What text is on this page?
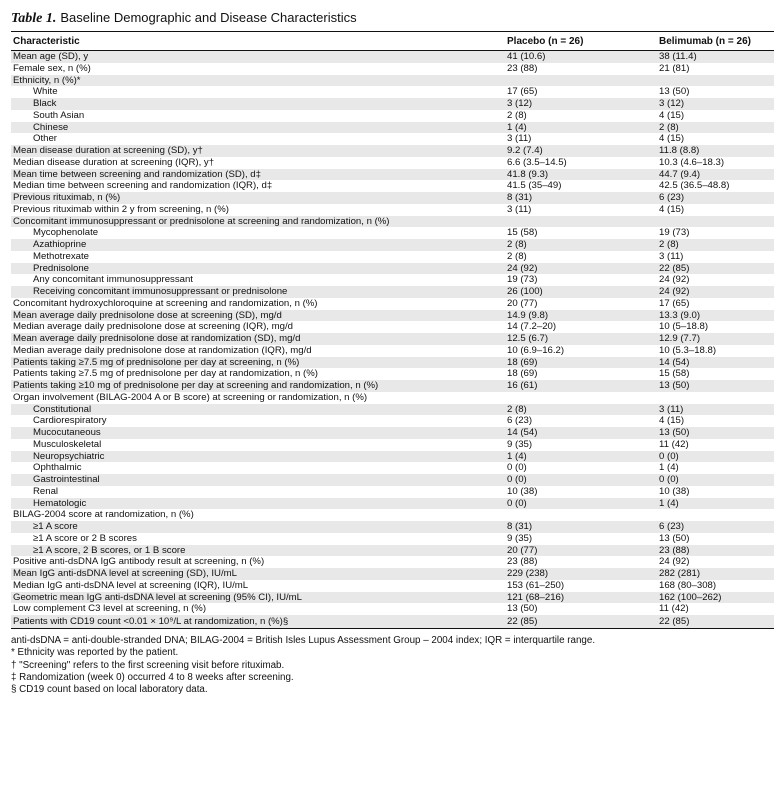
Table 1. Baseline Demographic and Disease Characteristics
Characteristic	Placebo (n = 26)	Belimumab (n = 26)
Mean age (SD), y	41 (10.6)	38 (11.4)
Female sex, n (%)	23 (88)	21 (81)
Ethnicity, n (%)*		
White	17 (65)	13 (50)
Black	3 (12)	3 (12)
South Asian	2 (8)	4 (15)
Chinese	1 (4)	2 (8)
Other	3 (11)	4 (15)
Mean disease duration at screening (SD), y†	9.2 (7.4)	11.8 (8.8)
Median disease duration at screening (IQR), y†	6.6 (3.5–14.5)	10.3 (4.6–18.3)
Mean time between screening and randomization (SD), d‡	41.8 (9.3)	44.7 (9.4)
Median time between screening and randomization (IQR), d‡	41.5 (35–49)	42.5 (36.5–48.8)
Previous rituximab, n (%)	8 (31)	6 (23)
Previous rituximab within 2 y from screening, n (%)	3 (11)	4 (15)
Concomitant immunosuppressant or prednisolone at screening and randomization, n (%)		
Mycophenolate	15 (58)	19 (73)
Azathioprine	2 (8)	2 (8)
Methotrexate	2 (8)	3 (11)
Prednisolone	24 (92)	22 (85)
Any concomitant immunosuppressant	19 (73)	24 (92)
Receiving concomitant immunosuppressant or prednisolone	26 (100)	24 (92)
Concomitant hydroxychloroquine at screening and randomization, n (%)	20 (77)	17 (65)
Mean average daily prednisolone dose at screening (SD), mg/d	14.9 (9.8)	13.3 (9.0)
Median average daily prednisolone dose at screening (IQR), mg/d	14 (7.2–20)	10 (5–18.8)
Mean average daily prednisolone dose at randomization (SD), mg/d	12.5 (6.7)	12.9 (7.7)
Median average daily prednisolone dose at randomization (IQR), mg/d	10 (6.9–16.2)	10 (5.3–18.8)
Patients taking ≥7.5 mg of prednisolone per day at screening, n (%)	18 (69)	14 (54)
Patients taking ≥7.5 mg of prednisolone per day at randomization, n (%)	18 (69)	15 (58)
Patients taking ≥10 mg of prednisolone per day at screening and randomization, n (%)	16 (61)	13 (50)
Organ involvement (BILAG-2004 A or B score) at screening or randomization, n (%)		
Constitutional	2 (8)	3 (11)
Cardiorespiratory	6 (23)	4 (15)
Mucocutaneous	14 (54)	13 (50)
Musculoskeletal	9 (35)	11 (42)
Neuropsychiatric	1 (4)	0 (0)
Ophthalmic	0 (0)	1 (4)
Gastrointestinal	0 (0)	0 (0)
Renal	10 (38)	10 (38)
Hematologic	0 (0)	1 (4)
BILAG-2004 score at randomization, n (%)		
≥1 A score	8 (31)	6 (23)
≥1 A score or 2 B scores	9 (35)	13 (50)
≥1 A score, 2 B scores, or 1 B score	20 (77)	23 (88)
Positive anti-dsDNA IgG antibody result at screening, n (%)	23 (88)	24 (92)
Mean IgG anti-dsDNA level at screening (SD), IU/mL	229 (238)	282 (281)
Median IgG anti-dsDNA level at screening (IQR), IU/mL	153 (61–250)	168 (80–308)
Geometric mean IgG anti-dsDNA level at screening (95% CI), IU/mL	121 (68–216)	162 (100–262)
Low complement C3 level at screening, n (%)	13 (50)	11 (42)
Patients with CD19 count <0.01 × 10⁹/L at randomization, n (%)§	22 (85)	22 (85)
anti-dsDNA = anti-double-stranded DNA; BILAG-2004 = British Isles Lupus Assessment Group – 2004 index; IQR = interquartile range.
* Ethnicity was reported by the patient.
† "Screening" refers to the first screening visit before rituximab.
‡ Randomization (week 0) occurred 4 to 8 weeks after screening.
§ CD19 count based on local laboratory data.
